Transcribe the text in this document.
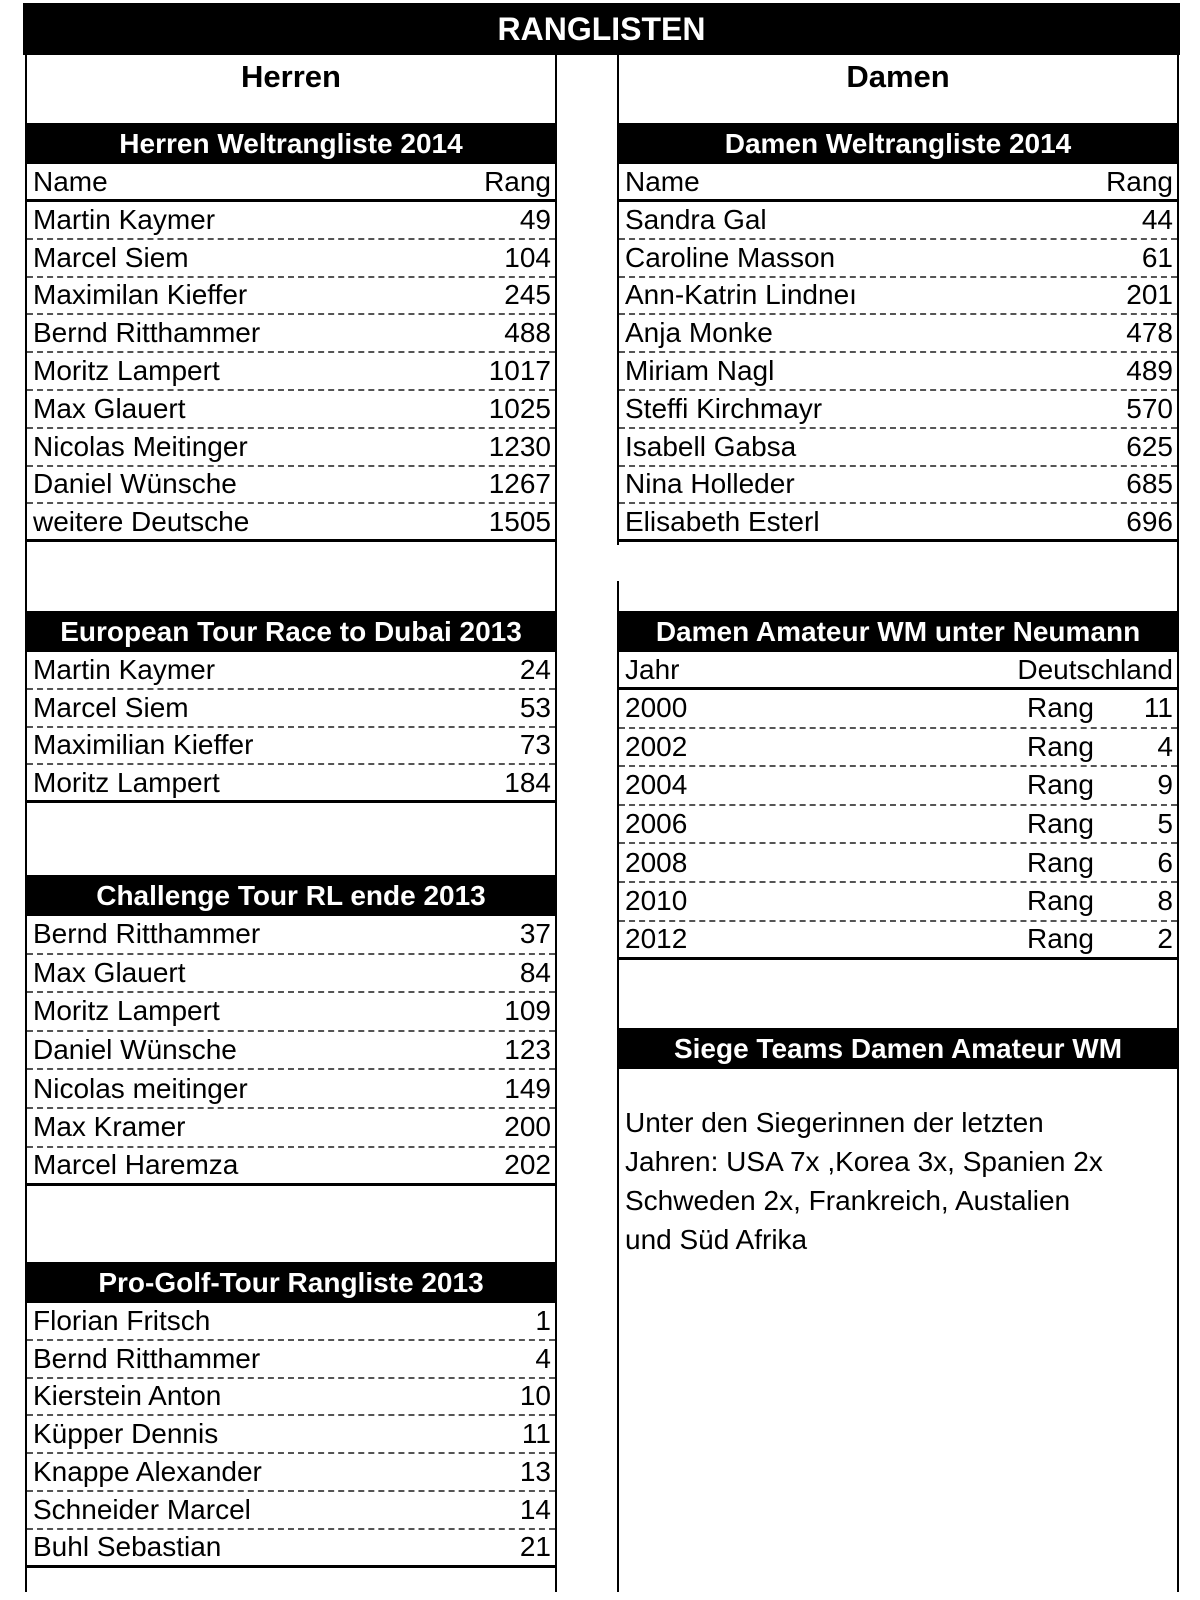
RANGLISTEN
Herren
Herren Weltrangliste 2014
Name	Rang
Martin Kaymer	49
Marcel Siem	104
Maximilan Kieffer	245
Bernd Ritthammer	488
Moritz Lampert	1017
Max Glauert	1025
Nicolas Meitinger	1230
Daniel Wünsche	1267
weitere Deutsche	1505
European Tour Race to Dubai 2013
Martin Kaymer	24
Marcel Siem	53
Maximilian Kieffer	73
Moritz Lampert	184
Challenge Tour RL ende 2013
Bernd Ritthammer	37
Max Glauert	84
Moritz Lampert	109
Daniel Wünsche	123
Nicolas meitinger	149
Max Kramer	200
Marcel Haremza	202
Pro-Golf-Tour Rangliste 2013
Florian Fritsch	1
Bernd Ritthammer	4
Kierstein Anton	10
Küpper Dennis	11
Knappe Alexander	13
Schneider Marcel	14
Buhl Sebastian	21
Damen
Damen Weltrangliste 2014
Name	Rang
Sandra Gal	44
Caroline Masson	61
Ann-Katrin Lindneı	201
Anja Monke	478
Miriam Nagl	489
Steffi Kirchmayr	570
Isabell Gabsa	625
Nina Holleder	685
Elisabeth Esterl	696
Damen Amateur WM unter Neumann
Jahr	Deutschland
2000	Rang 11
2002	Rang 4
2004	Rang 9
2006	Rang 5
2008	Rang 6
2010	Rang 8
2012	Rang 2
Siege Teams Damen Amateur WM
Unter den Siegerinnen der letzten
Jahren: USA 7x ,Korea 3x, Spanien 2x
Schweden 2x, Frankreich, Austalien
und Süd Afrika
